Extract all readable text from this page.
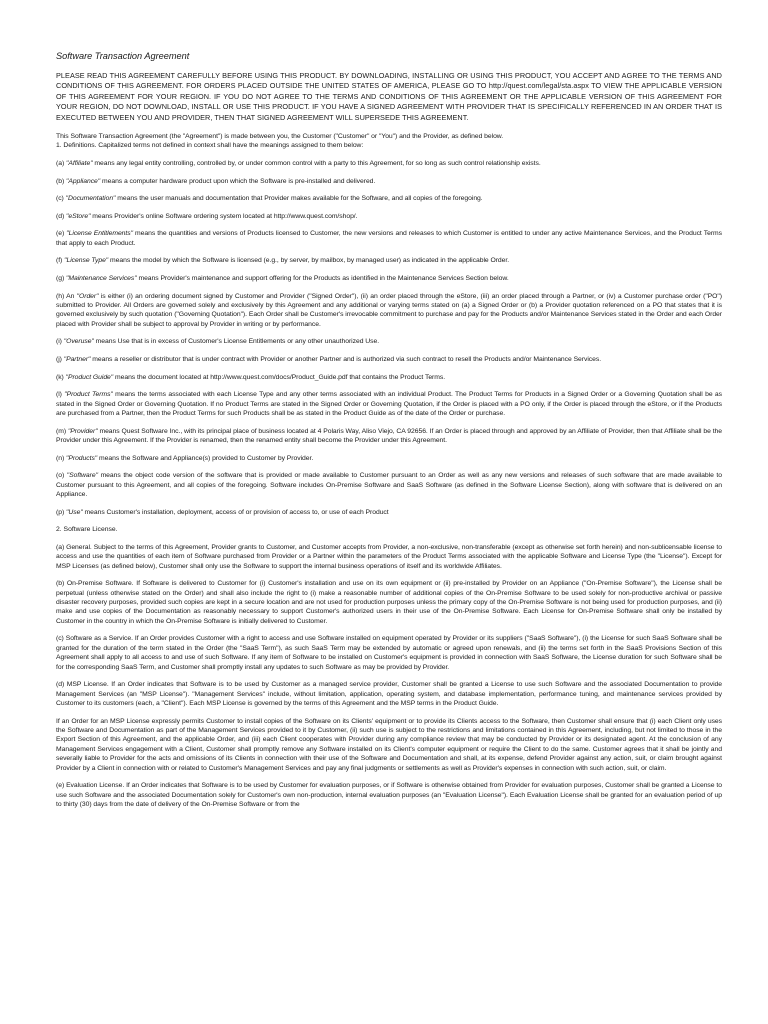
Software Transaction Agreement
PLEASE READ THIS AGREEMENT CAREFULLY BEFORE USING THIS PRODUCT. BY DOWNLOADING, INSTALLING OR USING THIS PRODUCT, YOU ACCEPT AND AGREE TO THE TERMS AND CONDITIONS OF THIS AGREEMENT. FOR ORDERS PLACED OUTSIDE THE UNITED STATES OF AMERICA, PLEASE GO TO http://quest.com/legal/sta.aspx TO VIEW THE APPLICABLE VERSION OF THIS AGREEMENT FOR YOUR REGION. IF YOU DO NOT AGREE TO THE TERMS AND CONDITIONS OF THIS AGREEMENT OR THE APPLICABLE VERSION OF THIS AGREEMENT FOR YOUR REGION, DO NOT DOWNLOAD, INSTALL OR USE THIS PRODUCT. IF YOU HAVE A SIGNED AGREEMENT WITH PROVIDER THAT IS SPECIFICALLY REFERENCED IN AN ORDER THAT IS EXECUTED BETWEEN YOU AND PROVIDER, THEN THAT SIGNED AGREEMENT WILL SUPERSEDE THIS AGREEMENT.
This Software Transaction Agreement (the "Agreement") is made between you, the Customer ("Customer" or "You") and the Provider, as defined below.
1. Definitions. Capitalized terms not defined in context shall have the meanings assigned to them below:
(a) "Affiliate" means any legal entity controlling, controlled by, or under common control with a party to this Agreement, for so long as such control relationship exists.
(b) "Appliance" means a computer hardware product upon which the Software is pre-installed and delivered.
(c) "Documentation" means the user manuals and documentation that Provider makes available for the Software, and all copies of the foregoing.
(d) "eStore" means Provider's online Software ordering system located at http://www.quest.com/shop/.
(e) "License Entitlements" means the quantities and versions of Products licensed to Customer, the new versions and releases to which Customer is entitled to under any active Maintenance Services, and the Product Terms that apply to each Product.
(f) "License Type" means the model by which the Software is licensed (e.g., by server, by mailbox, by managed user) as indicated in the applicable Order.
(g) "Maintenance Services" means Provider's maintenance and support offering for the Products as identified in the Maintenance Services Section below.
(h) An "Order" is either (i) an ordering document signed by Customer and Provider ("Signed Order"), (ii) an order placed through the eStore, (iii) an order placed through a Partner, or (iv) a Customer purchase order ("PO") submitted to Provider. All Orders are governed solely and exclusively by this Agreement and any additional or varying terms stated on (a) a Signed Order or (b) a Provider quotation referenced on a PO that states that it is governed exclusively by such quotation ("Governing Quotation"). Each Order shall be Customer's irrevocable commitment to purchase and pay for the Products and/or Maintenance Services stated in the Order and each Order placed with Provider shall be subject to approval by Provider in writing or by performance.
(i) "Overuse" means Use that is in excess of Customer's License Entitlements or any other unauthorized Use.
(j) "Partner" means a reseller or distributor that is under contract with Provider or another Partner and is authorized via such contract to resell the Products and/or Maintenance Services.
(k) "Product Guide" means the document located at http://www.quest.com/docs/Product_Guide.pdf that contains the Product Terms.
(l) "Product Terms" means the terms associated with each License Type and any other terms associated with an individual Product. The Product Terms for Products in a Signed Order or a Governing Quotation shall be as stated in the Signed Order or Governing Quotation. If no Product Terms are stated in the Signed Order or Governing Quotation, if the Order is placed with a PO only, if the Order is placed through the eStore, or if the Products are purchased from a Partner, then the Product Terms for such Products shall be as stated in the Product Guide as of the date of the Order or purchase.
(m) "Provider" means Quest Software Inc., with its principal place of business located at 4 Polaris Way, Aliso Viejo, CA 92656. If an Order is placed through and approved by an Affiliate of Provider, then that Affiliate shall be the Provider under this Agreement. If the Provider is renamed, then the renamed entity shall become the Provider under this Agreement.
(n) "Products" means the Software and Appliance(s) provided to Customer by Provider.
(o) "Software" means the object code version of the software that is provided or made available to Customer pursuant to an Order as well as any new versions and releases of such software that are made available to Customer pursuant to this Agreement, and all copies of the foregoing. Software includes On-Premise Software and SaaS Software (as defined in the Software License Section), along with software that is delivered on an Appliance.
(p) "Use" means Customer's installation, deployment, access of or provision of access to, or use of each Product
2. Software License.
(a) General. Subject to the terms of this Agreement, Provider grants to Customer, and Customer accepts from Provider, a non-exclusive, non-transferable (except as otherwise set forth herein) and non-sublicensable license to access and use the quantities of each item of Software purchased from Provider or a Partner within the parameters of the Product Terms associated with the applicable Software and License Type (the "License"). Except for MSP Licenses (as defined below), Customer shall only use the Software to support the internal business operations of itself and its worldwide Affiliates.
(b) On-Premise Software. If Software is delivered to Customer for (i) Customer's installation and use on its own equipment or (ii) pre-installed by Provider on an Appliance ("On-Premise Software"), the License shall be perpetual (unless otherwise stated on the Order) and shall also include the right to (i) make a reasonable number of additional copies of the On-Premise Software to be used solely for non-productive archival or passive disaster recovery purposes, provided such copies are kept in a secure location and are not used for production purposes unless the primary copy of the On-Premise Software is not being used for production purposes, and (ii) make and use copies of the Documentation as reasonably necessary to support Customer's authorized users in their use of the On-Premise Software. Each License for On-Premise Software shall only be installed by Customer in the country in which the On-Premise Software is initially delivered to Customer.
(c) Software as a Service. If an Order provides Customer with a right to access and use Software installed on equipment operated by Provider or its suppliers ("SaaS Software"), (i) the License for such SaaS Software shall be granted for the duration of the term stated in the Order (the "SaaS Term"), as such SaaS Term may be extended by automatic or agreed upon renewals, and (ii) the terms set forth in the SaaS Provisions Section of this Agreement shall apply to all access to and use of such Software. If any item of Software to be installed on Customer's equipment is provided in connection with SaaS Software, the License duration for such Software shall be for the corresponding SaaS Term, and Customer shall promptly install any updates to such Software as may be provided by Provider.
(d) MSP License. If an Order indicates that Software is to be used by Customer as a managed service provider, Customer shall be granted a License to use such Software and the associated Documentation to provide Management Services (an "MSP License"). "Management Services" include, without limitation, application, operating system, and database implementation, performance tuning, and maintenance services provided by Customer to its customers (each, a "Client"). Each MSP License is governed by the terms of this Agreement and the MSP terms in the Product Guide.
If an Order for an MSP License expressly permits Customer to install copies of the Software on its Clients' equipment or to provide its Clients access to the Software, then Customer shall ensure that (i) each Client only uses the Software and Documentation as part of the Management Services provided to it by Customer, (ii) such use is subject to the restrictions and limitations contained in this Agreement, including, but not limited to those in the Export Section of this Agreement, and the applicable Order, and (iii) each Client cooperates with Provider during any compliance review that may be conducted by Provider or its designated agent. At the conclusion of any Management Services engagement with a Client, Customer shall promptly remove any Software installed on its Client's computer equipment or require the Client to do the same. Customer agrees that it shall be jointly and severally liable to Provider for the acts and omissions of its Clients in connection with their use of the Software and Documentation and shall, at its expense, defend Provider against any action, suit, or claim brought against Provider by a Client in connection with or related to Customer's Management Services and pay any final judgments or settlements as well as Provider's expenses in connection with such action, suit, or claim.
(e) Evaluation License. If an Order indicates that Software is to be used by Customer for evaluation purposes, or if Software is otherwise obtained from Provider for evaluation purposes, Customer shall be granted a License to use such Software and the associated Documentation solely for Customer's own non-production, internal evaluation purposes (an "Evaluation License"). Each Evaluation License shall be granted for an evaluation period of up to thirty (30) days from the date of delivery of the On-Premise Software or from the
